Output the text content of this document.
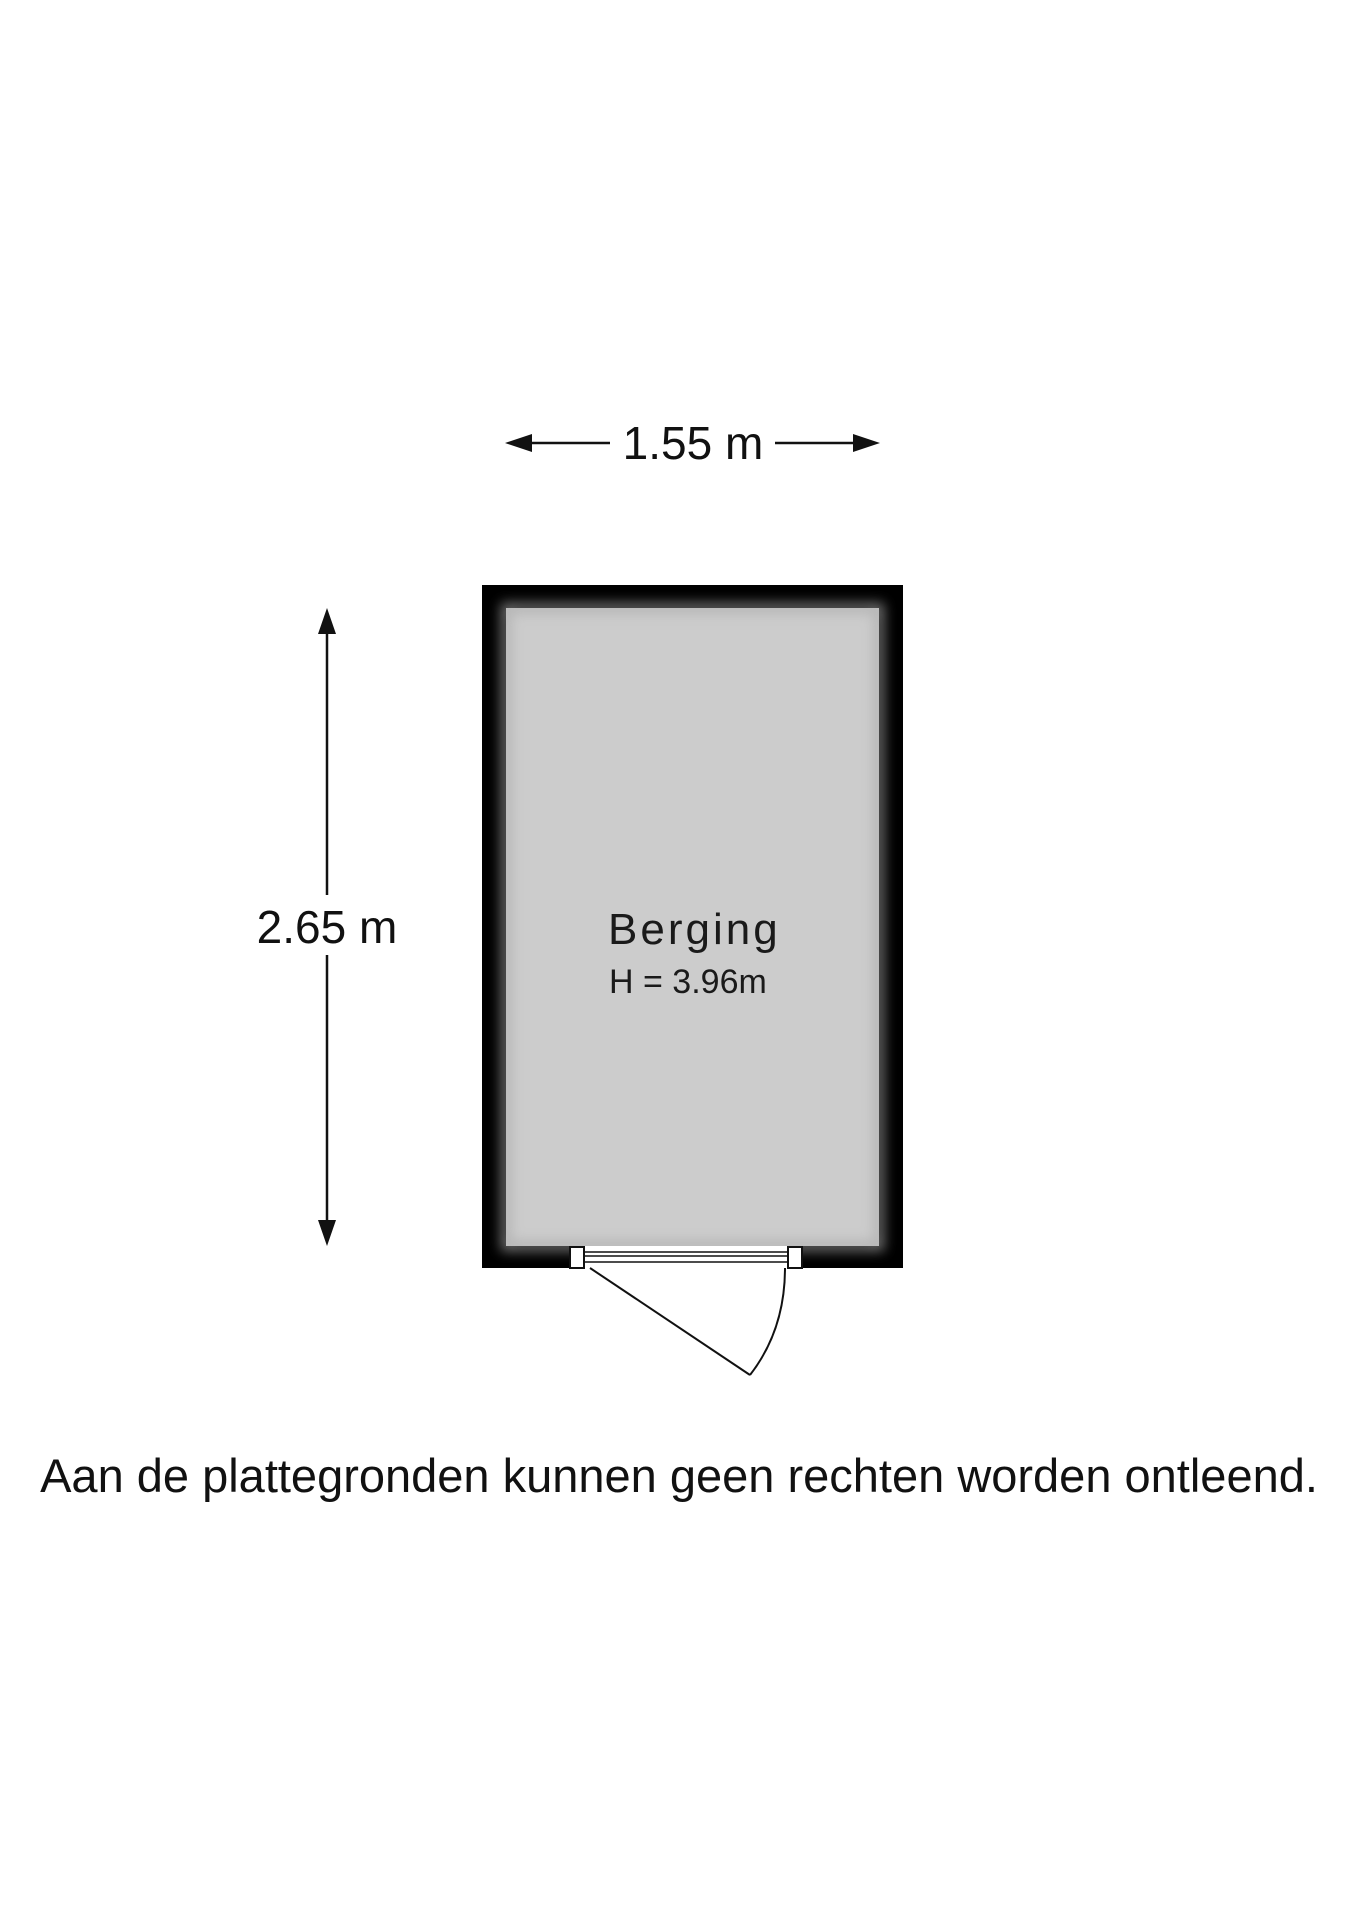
1.55 m
2.65 m	Berging
H = 3.96m
Aan de plattegronden kunnen geen rechten worden ontleend.
